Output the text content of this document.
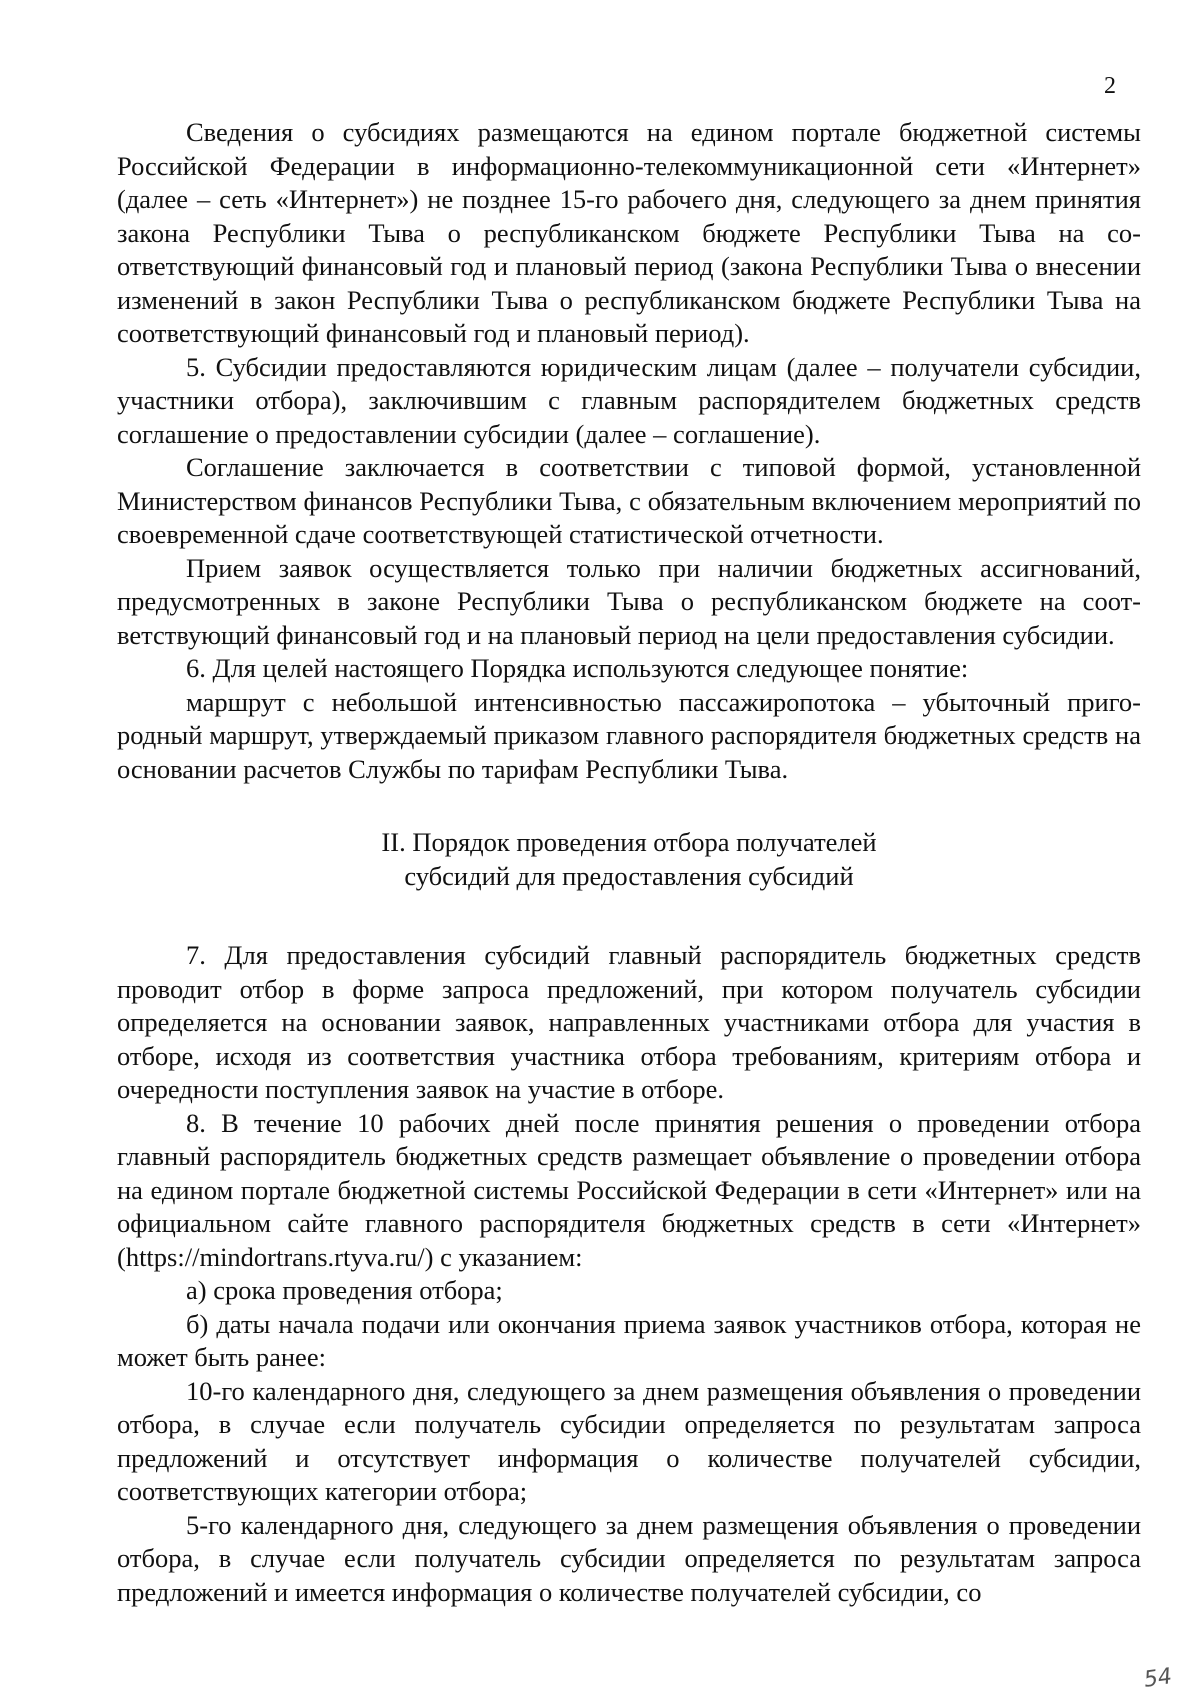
2

Сведения о субсидиях размещаются на едином портале бюджетной системы Российской Федерации в информационно-телекоммуникационной сети «Интернет» (далее – сеть «Интернет») не позднее 15-го рабочего дня, следующего за днем принятия закона Республики Тыва о республиканском бюджете Республики Тыва на соответствующий финансовый год и плановый период (закона Республики Тыва о внесении изменений в закон Республики Тыва о республиканском бюджете Республики Тыва на соответствующий финансовый год и плановый период).

5. Субсидии предоставляются юридическим лицам (далее – получатели субсидии, участники отбора), заключившим с главным распорядителем бюджетных средств соглашение о предоставлении субсидии (далее – соглашение).

Соглашение заключается в соответствии с типовой формой, установленной Министерством финансов Республики Тыва, с обязательным включением мероприятий по своевременной сдаче соответствующей статистической отчетности.

Прием заявок осуществляется только при наличии бюджетных ассигнований, предусмотренных в законе Республики Тыва о республиканском бюджете на соответствующий финансовый год и на плановый период на цели предоставления субсидии.

6. Для целей настоящего Порядка используются следующее понятие:

маршрут с небольшой интенсивностью пассажиропотока – убыточный пригородный маршрут, утверждаемый приказом главного распорядителя бюджетных средств на основании расчетов Службы по тарифам Республики Тыва.

II. Порядок проведения отбора получателей
субсидий для предоставления субсидий

7. Для предоставления субсидий главный распорядитель бюджетных средств проводит отбор в форме запроса предложений, при котором получатель субсидии определяется на основании заявок, направленных участниками отбора для участия в отборе, исходя из соответствия участника отбора требованиям, критериям отбора и очередности поступления заявок на участие в отборе.

8. В течение 10 рабочих дней после принятия решения о проведении отбора главный распорядитель бюджетных средств размещает объявление о проведении отбора на едином портале бюджетной системы Российской Федерации в сети «Интернет» или на официальном сайте главного распорядителя бюджетных средств в сети «Интернет» (https://mindortrans.rtyva.ru/) с указанием:

а) срока проведения отбора;

б) даты начала подачи или окончания приема заявок участников отбора, которая не может быть ранее:

10-го календарного дня, следующего за днем размещения объявления о проведении отбора, в случае если получатель субсидии определяется по результатам запроса предложений и отсутствует информация о количестве получателей субсидии, соответствующих категории отбора;

5-го календарного дня, следующего за днем размещения объявления о проведении отбора, в случае если получатель субсидии определяется по результатам запроса предложений и имеется информация о количестве получателей субсидии, со

54
